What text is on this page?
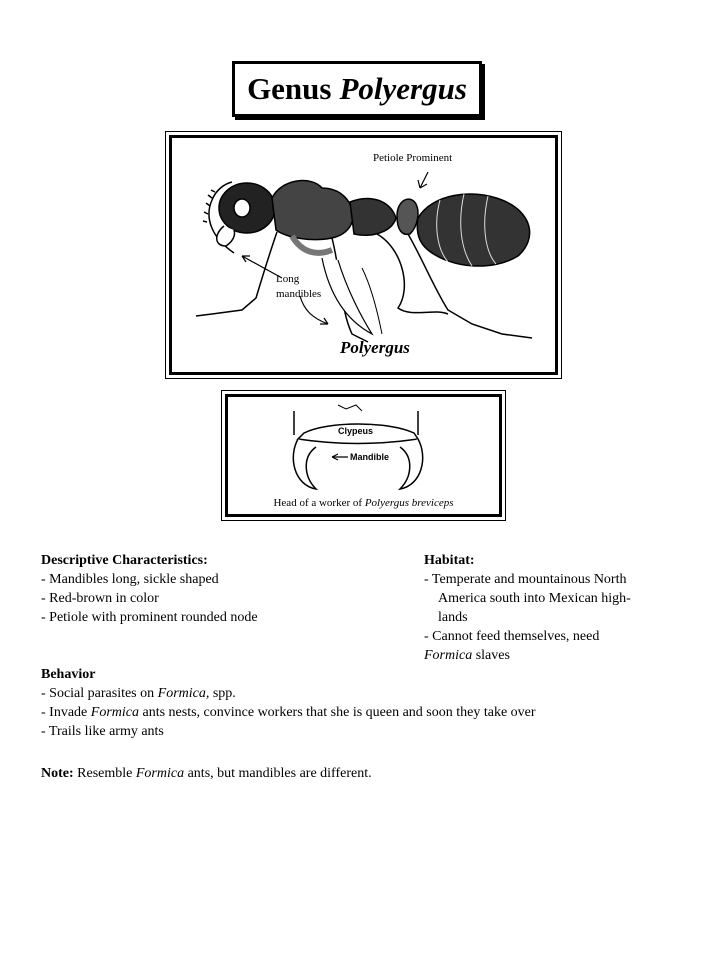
Genus Polyergus
Petiole Prominent
Long
mandibles
Polyergus
Clypeus
Mandible
Head of a worker of Polyergus breviceps
Descriptive Characteristics:
- Mandibles long, sickle shaped
- Red-brown in color
- Petiole with prominent rounded node
Habitat:
- Temperate and mountainous North
America south into Mexican high-
lands
- Cannot feed themselves, need
Formica slaves
Behavior
- Social parasites on Formica, spp.
- Invade Formica ants nests, convince workers that she is queen and soon they take over
- Trails like army ants
Note: Resemble Formica ants, but mandibles are different.
